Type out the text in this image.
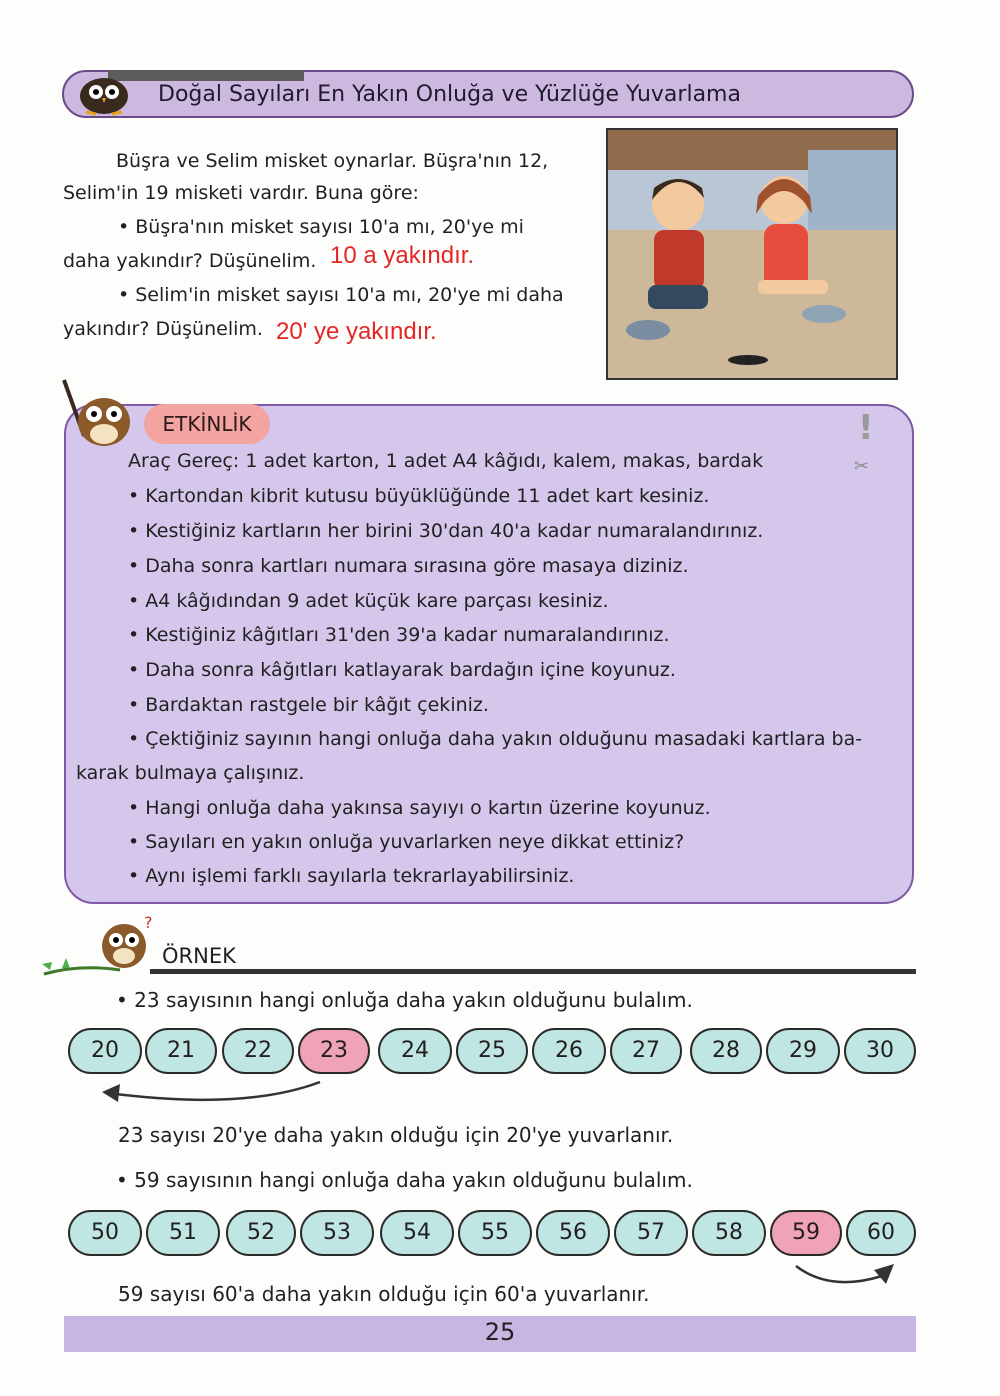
Doğal Sayıları En Yakın Onluğa ve Yüzlüğe Yuvarlama
Büşra ve Selim misket oynarlar. Büşra'nın 12,
Selim'in 19 misketi vardır. Buna göre:
• Büşra'nın misket sayısı 10'a mı, 20'ye mi
daha yakındır? Düşünelim. 10 a yakındır.
• Selim'in misket sayısı 10'a mı, 20'ye mi daha
yakındır? Düşünelim. 20' ye yakındır.
ETKİNLİK	!
✂
Araç Gereç: 1 adet karton, 1 adet A4 kâğıdı, kalem, makas, bardak
• Kartondan kibrit kutusu büyüklüğünde 11 adet kart kesiniz.
• Kestiğiniz kartların her birini 30'dan 40'a kadar numaralandırınız.
• Daha sonra kartları numara sırasına göre masaya diziniz.
• A4 kâğıdından 9 adet küçük kare parçası kesiniz.
• Kestiğiniz kâğıtları 31'den 39'a kadar numaralandırınız.
• Daha sonra kâğıtları katlayarak bardağın içine koyunuz.
• Bardaktan rastgele bir kâğıt çekiniz.
• Çektiğiniz sayının hangi onluğa daha yakın olduğunu masadaki kartlara ba-
karak bulmaya çalışınız.
• Hangi onluğa daha yakınsa sayıyı o kartın üzerine koyunuz.
• Sayıları en yakın onluğa yuvarlarken neye dikkat ettiniz?
• Aynı işlemi farklı sayılarla tekrarlayabilirsiniz.
?
ÖRNEK
• 23 sayısının hangi onluğa daha yakın olduğunu bulalım.
20	21	22	23	24	25	26	27	28	29	30
23 sayısı 20'ye daha yakın olduğu için 20'ye yuvarlanır.
• 59 sayısının hangi onluğa daha yakın olduğunu bulalım.
50	51	52	53	54	55	56	57	58	59	60
59 sayısı 60'a daha yakın olduğu için 60'a yuvarlanır.
25
